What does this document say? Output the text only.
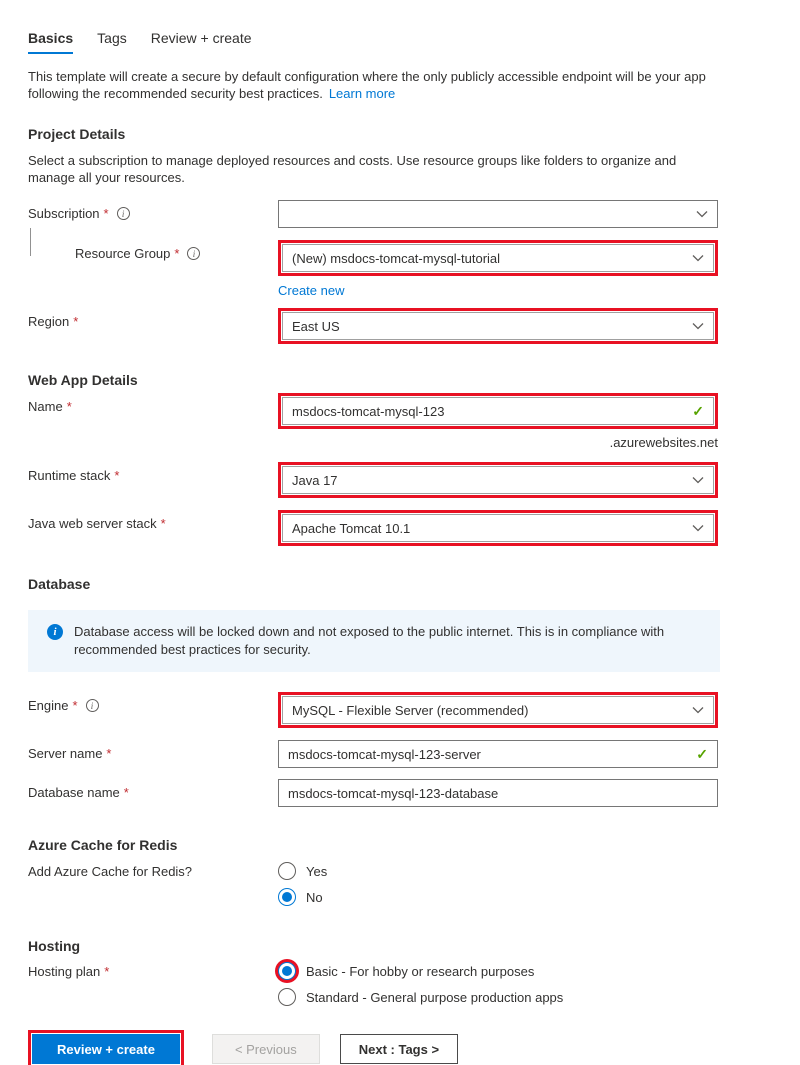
Basics Tags Review + create
This template will create a secure by default configuration where the only publicly accessible endpoint will be your app following the recommended security best practices. Learn more
Project Details
Select a subscription to manage deployed resources and costs. Use resource groups like folders to organize and manage all your resources.
Subscription *	i
Resource Group *	i	(New) msdocs-tomcat-mysql-tutorial
Create new
Region *	East US
Web App Details
Name *	msdocs-tomcat-mysql-123	✓
.azurewebsites.net
Runtime stack *	Java 17
Java web server stack *	Apache Tomcat 10.1
Database
i	Database access will be locked down and not exposed to the public internet. This is in compliance with recommended best practices for security.
Engine *	i	MySQL - Flexible Server (recommended)
Server name *	msdocs-tomcat-mysql-123-server	✓
Database name *	msdocs-tomcat-mysql-123-database
Azure Cache for Redis
Add Azure Cache for Redis?	Yes
No
Hosting
Hosting plan *	Basic - For hobby or research purposes
Standard - General purpose production apps
Review + create	< Previous	Next : Tags >
